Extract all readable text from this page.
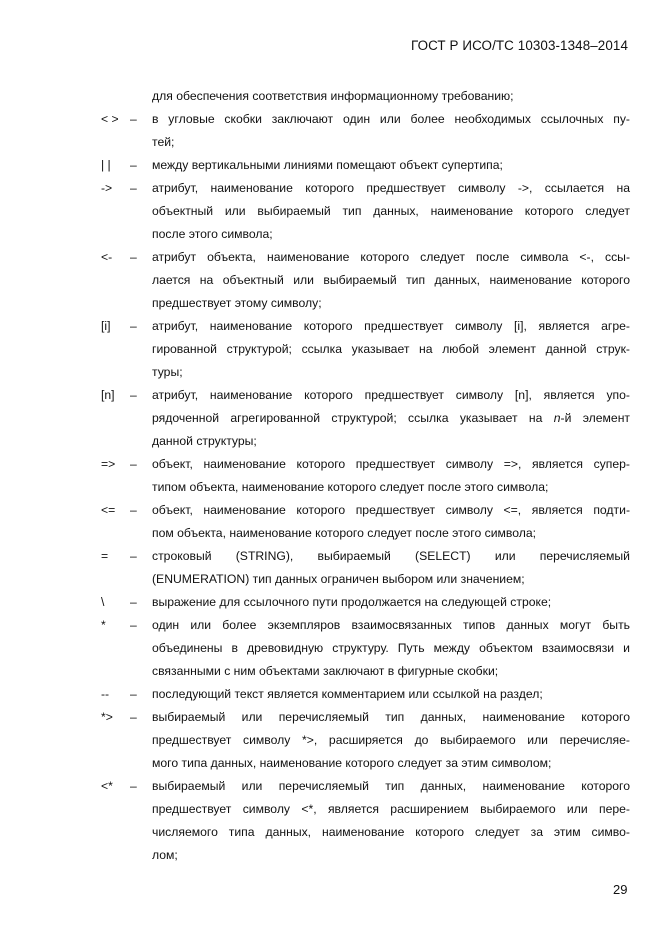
ГОСТ Р ИСО/ТС 10303-1348–2014
для обеспечения соответствия информационному требованию;
< > – в угловые скобки заключают один или более необходимых ссылочных пу-
тей;
| | – между вертикальными линиями помещают объект супертипа;
-> – атрибут, наименование которого предшествует символу ->, ссылается на
объектный или выбираемый тип данных, наименование которого следует
после этого символа;
<- – атрибут объекта, наименование которого следует после символа <-, ссы-
лается на объектный или выбираемый тип данных, наименование которого
предшествует этому символу;
[i] – атрибут, наименование которого предшествует символу [i], является агре-
гированной структурой; ссылка указывает на любой элемент данной струк-
туры;
[n] – атрибут, наименование которого предшествует символу [n], является упо-
рядоченной агрегированной структурой; ссылка указывает на n-й элемент
данной структуры;
=> – объект, наименование которого предшествует символу =>, является супер-
типом объекта, наименование которого следует после этого символа;
<= – объект, наименование которого предшествует символу <=, является подти-
пом объекта, наименование которого следует после этого символа;
= – строковый (STRING), выбираемый (SELECT) или перечисляемый
(ENUMERATION) тип данных ограничен выбором или значением;
\ – выражение для ссылочного пути продолжается на следующей строке;
* – один или более экземпляров взаимосвязанных типов данных могут быть
объединены в древовидную структуру. Путь между объектом взаимосвязи и
связанными с ним объектами заключают в фигурные скобки;
-- – последующий текст является комментарием или ссылкой на раздел;
*> – выбираемый или перечисляемый тип данных, наименование которого
предшествует символу *>, расширяется до выбираемого или перечисляе-
мого типа данных, наименование которого следует за этим символом;
<* – выбираемый или перечисляемый тип данных, наименование которого
предшествует символу <*, является расширением выбираемого или пере-
числяемого типа данных, наименование которого следует за этим симво-
лом;
29
